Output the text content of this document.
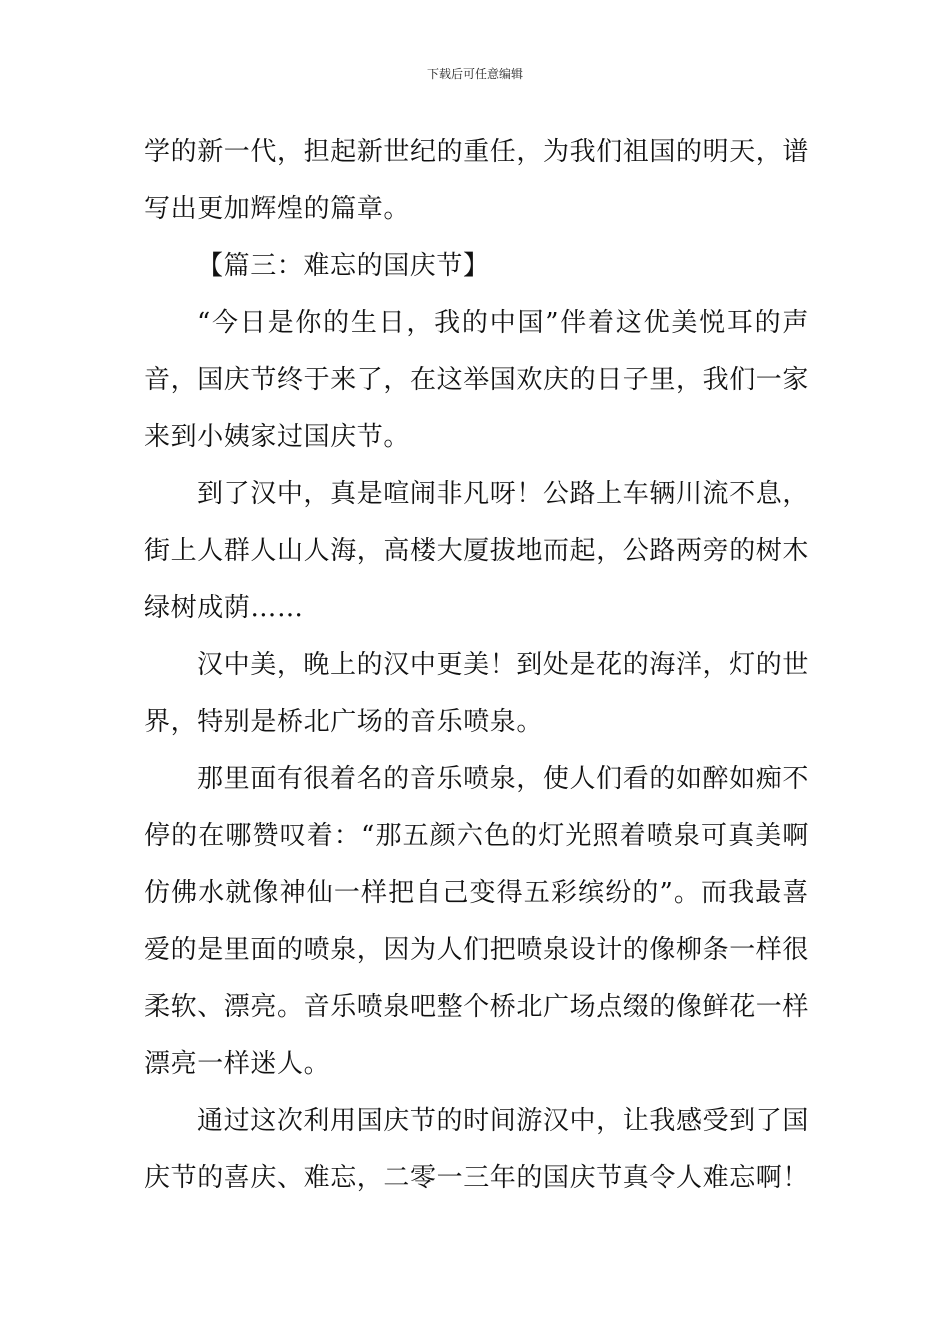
下载后可任意编辑
学的新一代，担起新世纪的重任，为我们祖国的明天，谱
写出更加辉煌的篇章。
【篇三：难忘的国庆节】
“今日是你的生日，我的中国”伴着这优美悦耳的声
音，国庆节终于来了，在这举国欢庆的日子里，我们一家
来到小姨家过国庆节。
到了汉中，真是喧闹非凡呀！公路上车辆川流不息，
街上人群人山人海，高楼大厦拔地而起，公路两旁的树木
绿树成荫……
汉中美，晚上的汉中更美！到处是花的海洋，灯的世
界，特别是桥北广场的音乐喷泉。
那里面有很着名的音乐喷泉，使人们看的如醉如痴不
停的在哪赞叹着：“那五颜六色的灯光照着喷泉可真美啊
仿佛水就像神仙一样把自己变得五彩缤纷的”。而我最喜
爱的是里面的喷泉，因为人们把喷泉设计的像柳条一样很
柔软、漂亮。音乐喷泉吧整个桥北广场点缀的像鲜花一样
漂亮一样迷人。
通过这次利用国庆节的时间游汉中，让我感受到了国
庆节的喜庆、难忘，二零一三年的国庆节真令人难忘啊！
